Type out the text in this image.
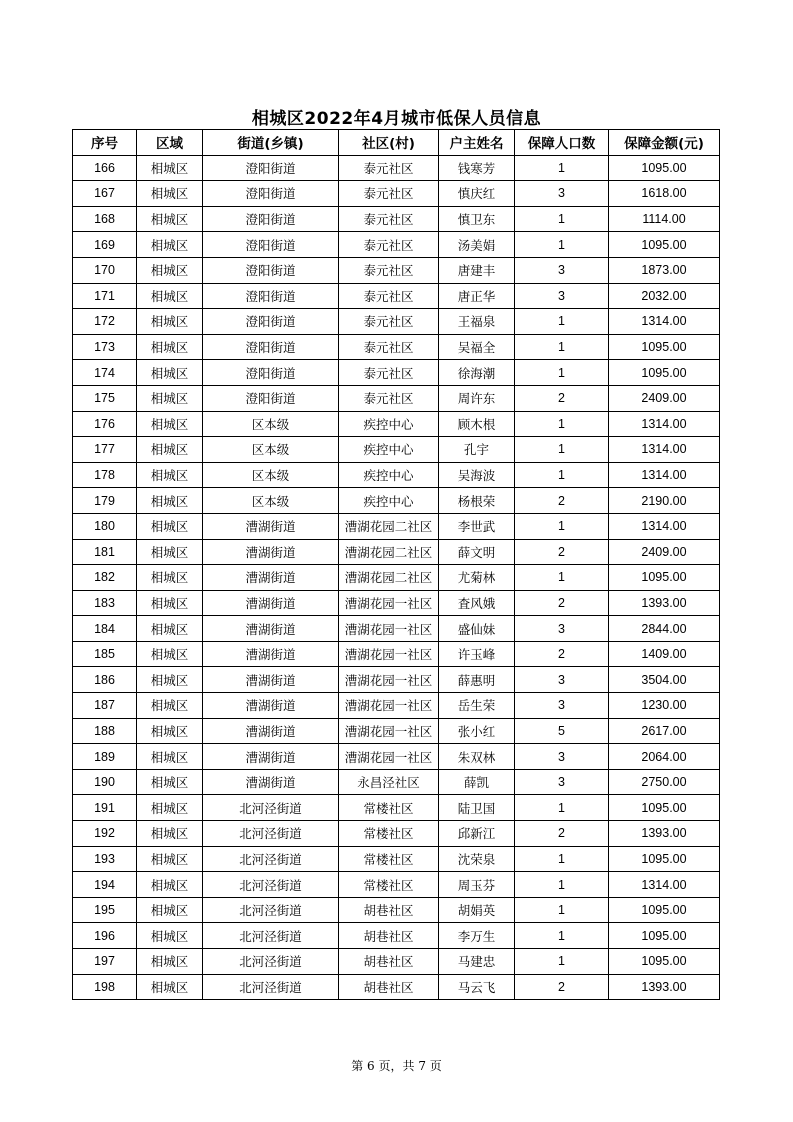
相城区2022年4月城市低保人员信息
序号	区域	街道(乡镇)	社区(村)	户主姓名	保障人口数	保障金额(元)
166	相城区	澄阳街道	泰元社区	钱寒芳	1	1095.00
167	相城区	澄阳街道	泰元社区	慎庆红	3	1618.00
168	相城区	澄阳街道	泰元社区	慎卫东	1	1114.00
169	相城区	澄阳街道	泰元社区	汤美娟	1	1095.00
170	相城区	澄阳街道	泰元社区	唐建丰	3	1873.00
171	相城区	澄阳街道	泰元社区	唐正华	3	2032.00
172	相城区	澄阳街道	泰元社区	王福泉	1	1314.00
173	相城区	澄阳街道	泰元社区	吴福全	1	1095.00
174	相城区	澄阳街道	泰元社区	徐海潮	1	1095.00
175	相城区	澄阳街道	泰元社区	周许东	2	2409.00
176	相城区	区本级	疾控中心	顾木根	1	1314.00
177	相城区	区本级	疾控中心	孔宇	1	1314.00
178	相城区	区本级	疾控中心	吴海波	1	1314.00
179	相城区	区本级	疾控中心	杨根荣	2	2190.00
180	相城区	漕湖街道	漕湖花园二社区	李世武	1	1314.00
181	相城区	漕湖街道	漕湖花园二社区	薛文明	2	2409.00
182	相城区	漕湖街道	漕湖花园二社区	尤菊林	1	1095.00
183	相城区	漕湖街道	漕湖花园一社区	査风娥	2	1393.00
184	相城区	漕湖街道	漕湖花园一社区	盛仙妹	3	2844.00
185	相城区	漕湖街道	漕湖花园一社区	许玉峰	2	1409.00
186	相城区	漕湖街道	漕湖花园一社区	薛惠明	3	3504.00
187	相城区	漕湖街道	漕湖花园一社区	岳生荣	3	1230.00
188	相城区	漕湖街道	漕湖花园一社区	张小红	5	2617.00
189	相城区	漕湖街道	漕湖花园一社区	朱双林	3	2064.00
190	相城区	漕湖街道	永昌泾社区	薛凯	3	2750.00
191	相城区	北河泾街道	常楼社区	陆卫国	1	1095.00
192	相城区	北河泾街道	常楼社区	邱新江	2	1393.00
193	相城区	北河泾街道	常楼社区	沈荣泉	1	1095.00
194	相城区	北河泾街道	常楼社区	周玉芬	1	1314.00
195	相城区	北河泾街道	胡巷社区	胡娟英	1	1095.00
196	相城区	北河泾街道	胡巷社区	李万生	1	1095.00
197	相城区	北河泾街道	胡巷社区	马建忠	1	1095.00
198	相城区	北河泾街道	胡巷社区	马云飞	2	1393.00
第 6 页，共 7 页
